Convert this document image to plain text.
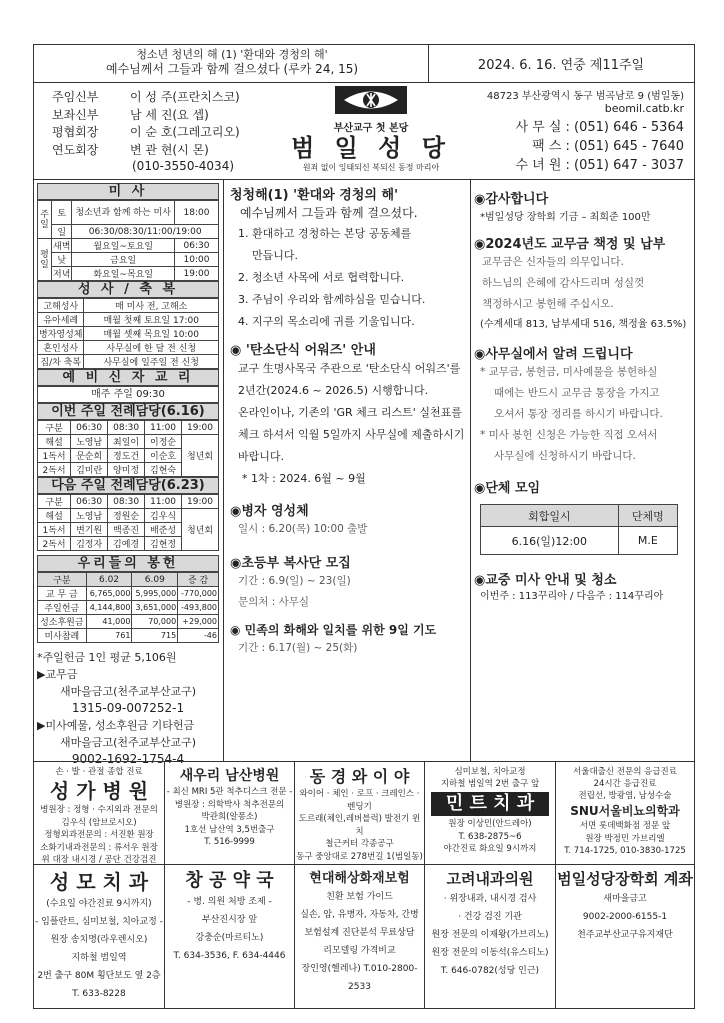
청소년 청년의 해 (1) '환대와 경청의 해'
예수님께서 그들과 함께 걸으셨다 (루카 24, 15)	2024. 6. 16. 연중 제11주일
주임신부	이 성 주(프란치스코)
보좌신부	남 세 진(요 셉)
평협회장	이 순 호(그레고리오)
연도회장	변 관 현(시 몬)
(010-3550-4034)
부산교구 첫 본당
범 일 성 당
원죄 없이 잉태되신 복되신 동정 마리아
48723 부산광역시 동구 범곡남로 9 (범일동)
beomil.catb.kr
사 무 실 : (051) 646 - 5364
팩 스 : (051) 645 - 7640
수 녀 원 : (051) 647 - 3037
미 사
주일	토	청소년과 함께 하는 미사	18:00
	일	06:30/08:30/11:00/19:00	
평일	새벽	월요일~토요일	06:30
	낮	금요일	10:00
	저녁	화요일~목요일	19:00
성 사 / 축 복
고해성사	매 미사 전, 고해소
유아세례	매월 첫째 토요일 17:00
병자영성체	매월 셋째 목요일 10:00
혼인성사	사무실에 한 달 전 신청
집/차 축복	사무실에 일주일 전 신청
예 비 신 자 교 리
매주 주일 09:30
이번 주일 전례담당(6.16)
구분	06:30	08:30	11:00	19:00
해설	노영남	최일이	이정순	청년회
1독서	문순희	정도건	이순호	
2독서	김미란	양미정	김현숙	
다음 주일 전례담당(6.23)
구분	06:30	08:30	11:00	19:00
해설	노영남	정원순	김우식	청년회
1독서	변기원	백종진	배준성	
2독서	김정자	김예경	김현정	
우리들의 봉헌
구분	6.02	6.09	증 감
교 무 금	6,765,000	5,995,000	-770,000
주일헌금	4,144,800	3,651,000	-493,800
성소후원금	41,000	70,000	+29,000
미사참례	761	715	-46
*주일헌금 1인 평균 5,106원
▶교무금
새마을금고(천주교부산교구)
1315-09-007252-1
▶미사예물, 성소후원금 기타헌금
새마을금고(천주교부산교구)
9002-1692-1754-4
청청해(1) '환대와 경청의 해'
예수님께서 그들과 함께 걸으셨다.
1. 환대하고 경청하는 본당 공동체를
만듭니다.
2. 청소년 사목에 서로 협력합니다.
3. 주님이 우리와 함께하심을 믿습니다.
4. 지구의 목소리에 귀를 기울입니다.
◉ '탄소단식 어워즈' 안내
교구 生명사목국 주관으로 '탄소단식 어워즈'를
2년간(2024.6 ~ 2026.5) 시행합니다.
온라인이나, 기존의 'GR 체크 리스트' 실천표를
체크 하셔서 익월 5일까지 사무실에 제출하시기
바랍니다.
* 1차 : 2024. 6월 ~ 9월
◉병자 영성체
일시 : 6.20(목) 10:00 출발
◉초등부 복사단 모집
기간 : 6.9(일) ~ 23(일)
문의처 : 사무실
◉ 민족의 화해와 일치를 위한 9일 기도
기간 : 6.17(월) ~ 25(화)
◉감사합니다
*범일성당 장학회 기금 – 최희준 100만
◉2024년도 교무금 책정 및 납부
교무금은 신자들의 의무입니다.
하느님의 은혜에 감사드리며 성실껏
책정하시고 봉헌해 주십시오.
(수계세대 813, 납부세대 516, 책정율 63.5%)
◉사무실에서 알려 드립니다
* 교무금, 봉헌금, 미사예물을 봉헌하실
때에는 반드시 교무금 통장을 가지고
오셔서 통장 정리를 하시기 바랍니다.
* 미사 봉헌 신청은 가능한 직접 오셔서
사무실에 신청하시기 바랍니다.
◉단체 모임
회합일시	단체명
6.16(일)12:00	M.E
◉교중 미사 안내 및 청소
이번주 : 113꾸리아 / 다음주 : 114꾸리아
손 · 발 · 관절 종합 진료
성 가 병 원
병원장 : 정형 · 수지외과 전문의
김우식 (암브로시오)
정형외과전문의 : 서진환 원장
소화기내과전문의 : 류서우 원장
위 대장 내시경 / 공단 건강검진
새우리 남산병원
- 최신 MRI 5관 척추디스크 전문 -
병원장 : 의학박사 척추전문의
박관희(알퐁소)
1호선 남산역 3,5번출구
T. 516-9999
동 경 와 이 야
와이어 · 체인 · 로프 · 크레인스 · 벤딩기
도르래(체인,레버블럭) 발전기 윈치
철근커터 각종공구
동구 중앙대로 278번길 1(범일동)
심미보철, 치아교정
지하철 범일역 2번 출구 앞
민 트 치 과
원장 이상민(안드레아)
T. 638-2875~6
야간진료 화요일 9시까지
서울대출신 전문의 응급진료
24시간 응급진료
전립선, 방광염, 남성수술
SNU서울비뇨의학과
서면 롯데백화점 정문 앞
원장 박정민 가브리엘
T. 714-1725, 010-3830-1725
성 모 치 과
(수요일 야간진료 9시까지)
- 임플란트, 심미보철, 치아교정 -
원장 송치명(라우렌시오)
지하철 범일역
2번 출구 80M 횡단보도 옆 2층
T. 633-8228
창 공 약 국
- 병. 의원 처방 조제 -
부산진시장 앞
강충순(마르티노)
T. 634-3536, F. 634-4446
현대해상화재보험
친환 보험 가이드
실손, 암, 유병자, 자동차, 간병
보험설계 진단분석 무료상담
리모델링 가격비교
장인영(헬레나) T.010-2800-2533
고려내과의원
· 위장내과, 내시경 검사
· 건강 검진 기관
원장 전문의 이재왕(가브리노)
원장 전문의 이동석(유스티노)
T. 646-0782(성당 인근)
범일성당장학회 계좌
새마을금고
9002-2000-6155-1
천주교부산교구유지재단
